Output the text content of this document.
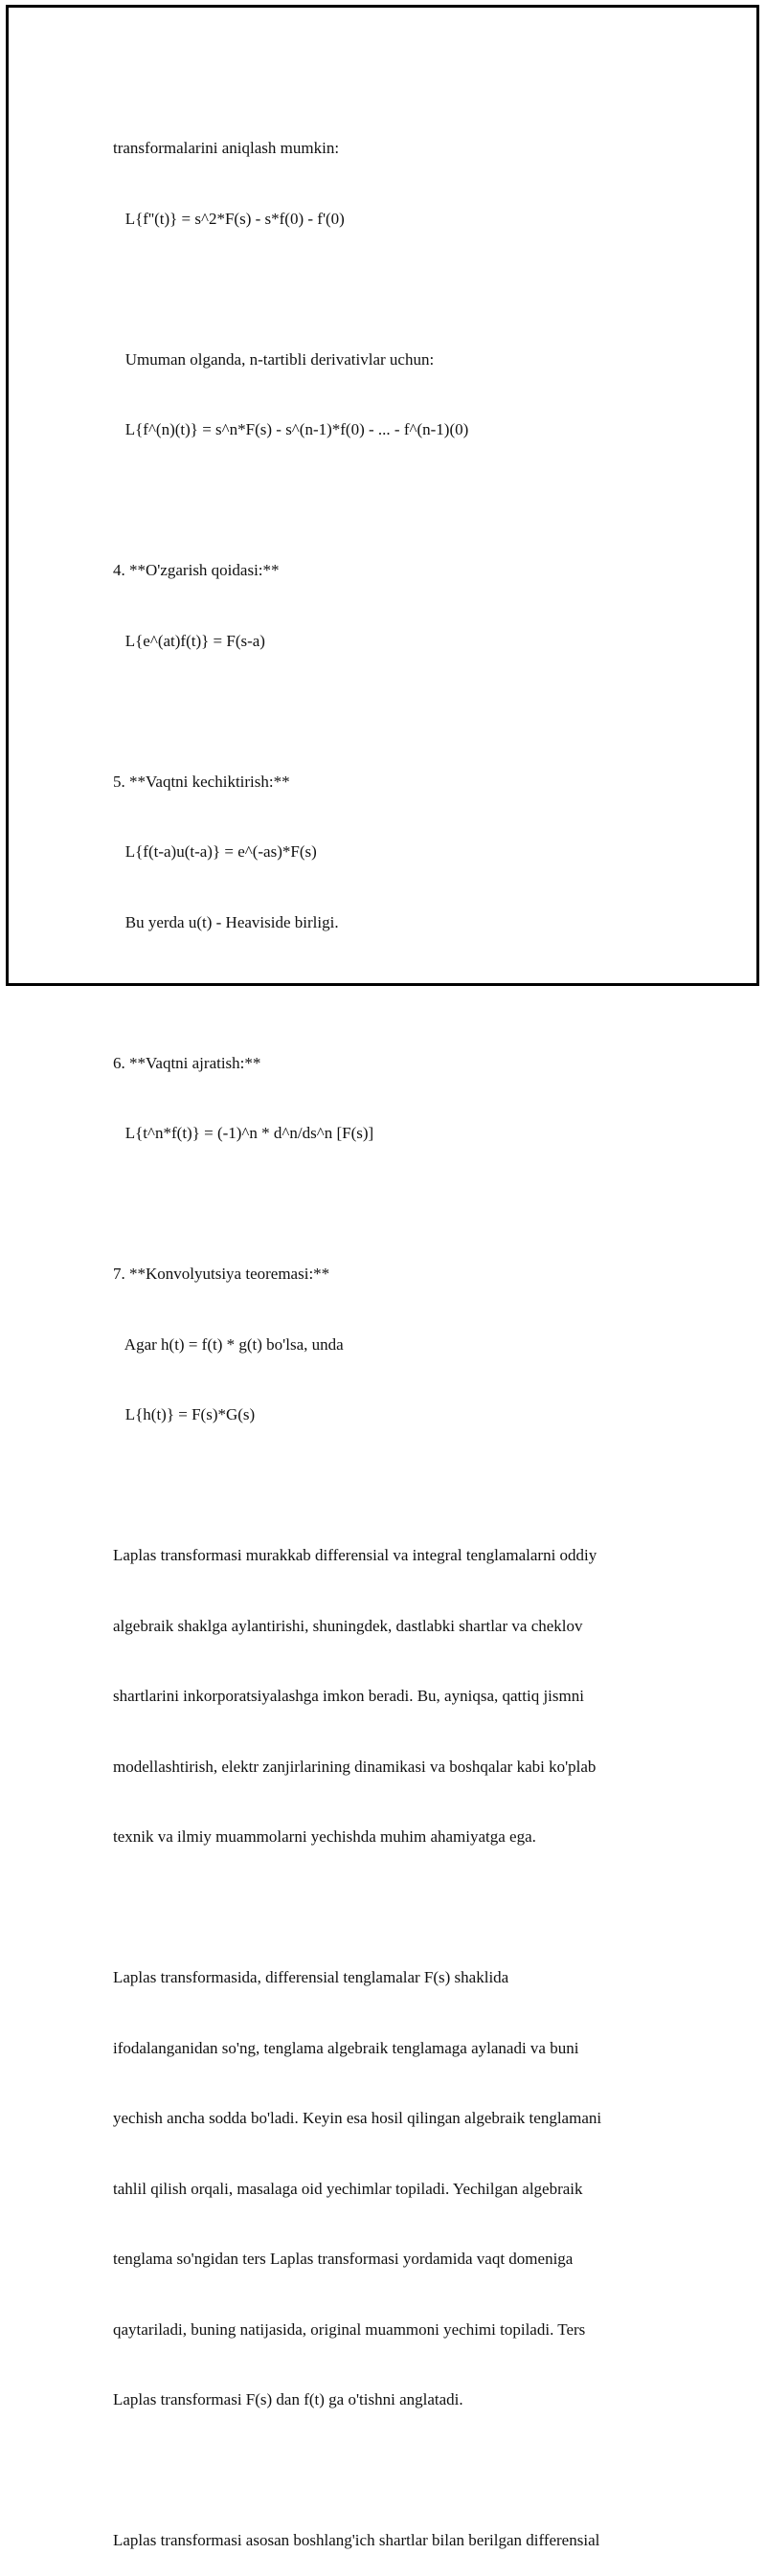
transformalarini aniqlash mumkin:

L{f''(t)} = s^2*F(s) - s*f(0) - f'(0)

Umuman olganda, n-tartibli derivativlar uchun:

L{f^(n)(t)} = s^n*F(s) - s^(n-1)*f(0) - ... - f^(n-1)(0)

4. **O'zgarish qoidasi:**

L{e^(at)f(t)} = F(s-a)

5. **Vaqtni kechiktirish:**

L{f(t-a)u(t-a)} = e^(-as)*F(s)

Bu yerda u(t) - Heaviside birligi.

6. **Vaqtni ajratish:**

L{t^n*f(t)} = (-1)^n * d^n/ds^n [F(s)]

7. **Konvolyutsiya teoremasi:**

Agar h(t) = f(t) * g(t) bo'lsa, unda

L{h(t)} = F(s)*G(s)

Laplas transformasi murakkab differensial va integral tenglamalarni oddiy

algebraik shaklga aylantirishi, shuningdek, dastlabki shartlar va cheklov

shartlarini inkorporatsiyalashga imkon beradi. Bu, ayniqsa, qattiq jismni

modellashtirish, elektr zanjirlarining dinamikasi va boshqalar kabi ko'plab

texnik va ilmiy muammolarni yechishda muhim ahamiyatga ega.

Laplas transformasida, differensial tenglamalar F(s) shaklida

ifodalanganidan so'ng, tenglama algebraik tenglamaga aylanadi va buni

yechish ancha sodda bo'ladi. Keyin esa hosil qilingan algebraik tenglamani

tahlil qilish orqali, masalaga oid yechimlar topiladi. Yechilgan algebraik

tenglama so'ngidan ters Laplas transformasi yordamida vaqt domeniga

qaytariladi, buning natijasida, original muammoni yechimi topiladi. Ters

Laplas transformasi F(s) dan f(t) ga o'tishni anglatadi.

Laplas transformasi asosan boshlang'ich shartlar bilan berilgan differensial
